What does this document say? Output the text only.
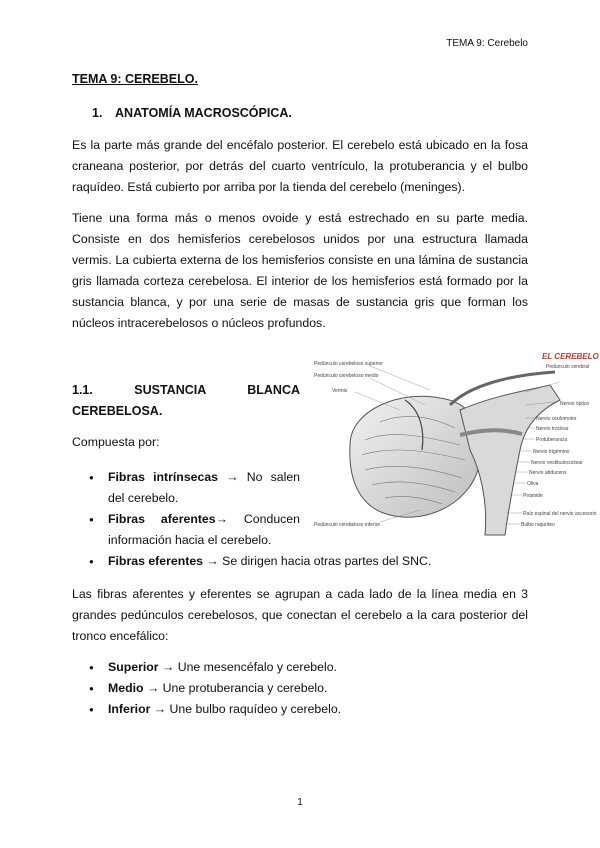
TEMA 9: Cerebelo
TEMA 9: CEREBELO.
1. ANATOMÍA MACROSCÓPICA.

Es la parte más grande del encéfalo posterior. El cerebelo está ubicado en la fosa craneana posterior, por detrás del cuarto ventrículo, la protuberancia y el bulbo raquídeo. Está cubierto por arriba por la tienda del cerebelo (meninges).

Tiene una forma más o menos ovoide y está estrechado en su parte media. Consiste en dos hemisferios cerebelosos unidos por una estructura llamada vermis. La cubierta externa de los hemisferios consiste en una lámina de sustancia gris llamada corteza cerebelosa. El interior de los hemisferios está formado por la sustancia blanca, y por una serie de masas de sustancia gris que forman los núcleos intracerebelosos o núcleos profundos.

1.1. SUSTANCIA BLANCA
CEREBELOSA.
Compuesta por:
● Fibras intrínsecas → No salen del cerebelo.
● Fibras aferentes→ Conducen información hacia el cerebelo.
● Fibras eferentes → Se dirigen hacia otras partes del SNC.

Las fibras aferentes y eferentes se agrupan a cada lado de la línea media en 3 grandes pedúnculos cerebelosos, que conectan el cerebelo a la cara posterior del tronco encefálico:

● Superior → Une mesencéfalo y cerebelo.
● Medio → Une protuberancia y cerebelo.
● Inferior → Une bulbo raquídeo y cerebelo.
EL CEREBELO
Pedúnculo cerebeloso superior
Pedúnculo cerebeloso medio
Vermis
Pedúnculo cerebeloso inferior
Pedúnculo cerebral
Nervio óptico
Nervio oculomotor
Nervio troclear
Protuberancia
Nervio trigémino
Nervio vestibulococlear
Nervio abducens
Oliva
Pirámide
Raíz espinal del nervio accesorio
Bulbo raquídeo
1
